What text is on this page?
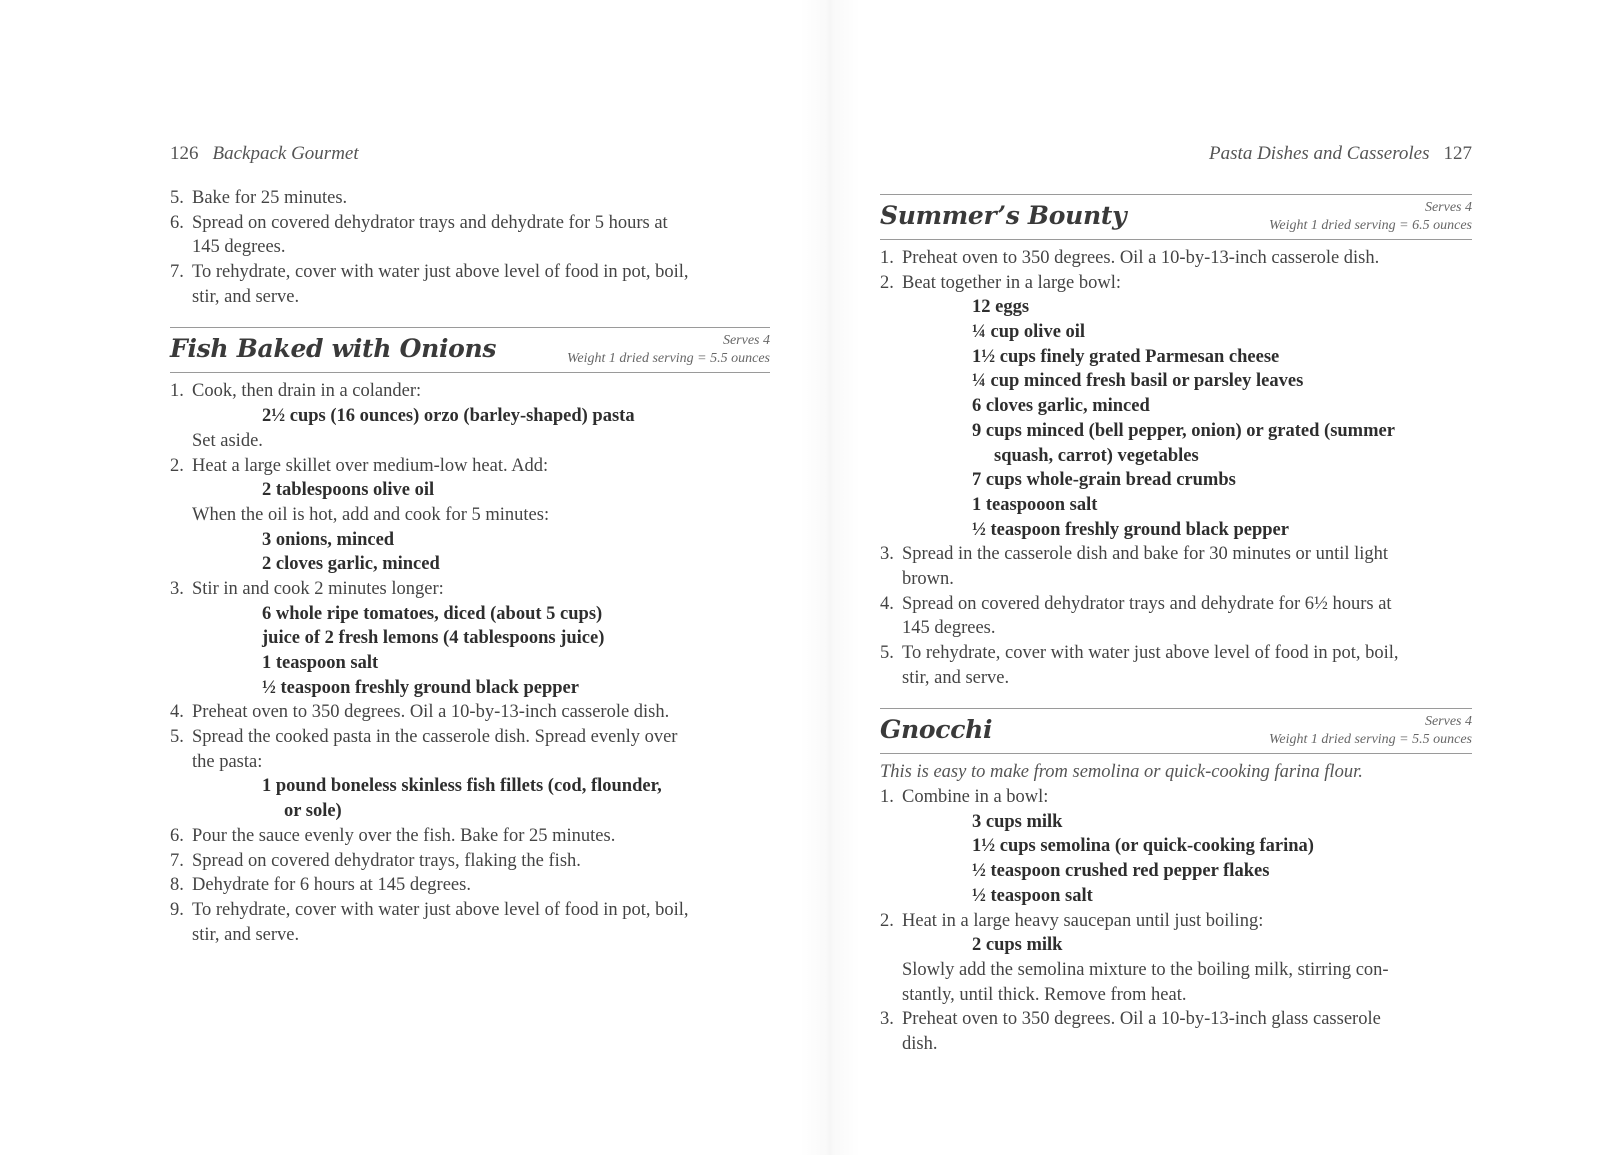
126 Backpack Gourmet
5. Bake for 25 minutes.
6. Spread on covered dehydrator trays and dehydrate for 5 hours at
145 degrees.
7. To rehydrate, cover with water just above level of food in pot, boil,
stir, and serve.
Fish Baked with Onions	Serves 4
Weight 1 dried serving = 5.5 ounces
1. Cook, then drain in a colander:
2½ cups (16 ounces) orzo (barley-shaped) pasta
Set aside.
2. Heat a large skillet over medium-low heat. Add:
2 tablespoons olive oil
When the oil is hot, add and cook for 5 minutes:
3 onions, minced
2 cloves garlic, minced
3. Stir in and cook 2 minutes longer:
6 whole ripe tomatoes, diced (about 5 cups)
juice of 2 fresh lemons (4 tablespoons juice)
1 teaspoon salt
½ teaspoon freshly ground black pepper
4. Preheat oven to 350 degrees. Oil a 10-by-13-inch casserole dish.
5. Spread the cooked pasta in the casserole dish. Spread evenly over
the pasta:
1 pound boneless skinless fish fillets (cod, flounder,
or sole)
6. Pour the sauce evenly over the fish. Bake for 25 minutes.
7. Spread on covered dehydrator trays, flaking the fish.
8. Dehydrate for 6 hours at 145 degrees.
9. To rehydrate, cover with water just above level of food in pot, boil,
stir, and serve.
Pasta Dishes and Casseroles 127
Summer’s Bounty	Serves 4
Weight 1 dried serving = 6.5 ounces
1. Preheat oven to 350 degrees. Oil a 10-by-13-inch casserole dish.
2. Beat together in a large bowl:
12 eggs
¼ cup olive oil
1½ cups finely grated Parmesan cheese
¼ cup minced fresh basil or parsley leaves
6 cloves garlic, minced
9 cups minced (bell pepper, onion) or grated (summer
squash, carrot) vegetables
7 cups whole-grain bread crumbs
1 teaspooon salt
½ teaspoon freshly ground black pepper
3. Spread in the casserole dish and bake for 30 minutes or until light
brown.
4. Spread on covered dehydrator trays and dehydrate for 6½ hours at
145 degrees.
5. To rehydrate, cover with water just above level of food in pot, boil,
stir, and serve.
Gnocchi	Serves 4
Weight 1 dried serving = 5.5 ounces
This is easy to make from semolina or quick-cooking farina flour.
1. Combine in a bowl:
3 cups milk
1½ cups semolina (or quick-cooking farina)
½ teaspoon crushed red pepper flakes
½ teaspoon salt
2. Heat in a large heavy saucepan until just boiling:
2 cups milk
Slowly add the semolina mixture to the boiling milk, stirring con-
stantly, until thick. Remove from heat.
3. Preheat oven to 350 degrees. Oil a 10-by-13-inch glass casserole
dish.
